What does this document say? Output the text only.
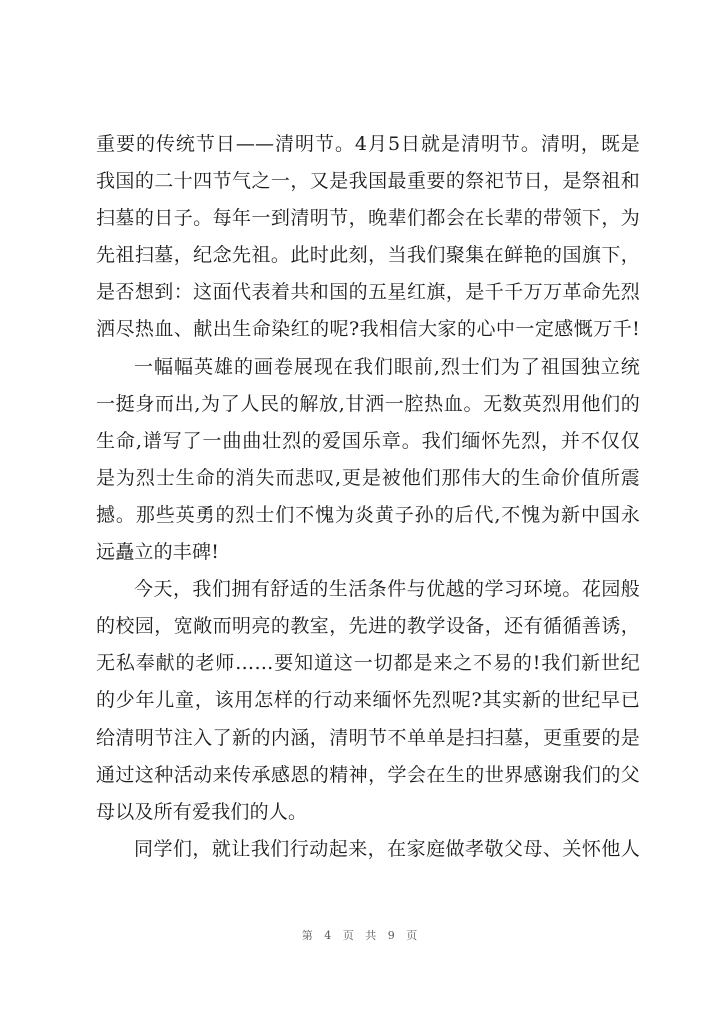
重要的传统节日——清明节。4月5日就是清明节。清明，既是
我国的二十四节气之一，又是我国最重要的祭祀节日，是祭祖和
扫墓的日子。每年一到清明节，晚辈们都会在长辈的带领下，为
先祖扫墓，纪念先祖。此时此刻，当我们聚集在鲜艳的国旗下，
是否想到：这面代表着共和国的五星红旗，是千千万万革命先烈
洒尽热血、献出生命染红的呢?我相信大家的心中一定感慨万千!
一幅幅英雄的画卷展现在我们眼前,烈士们为了祖国独立统
一挺身而出,为了人民的解放,甘洒一腔热血。无数英烈用他们的
生命,谱写了一曲曲壮烈的爱国乐章。我们缅怀先烈，并不仅仅
是为烈士生命的消失而悲叹,更是被他们那伟大的生命价值所震
撼。那些英勇的烈士们不愧为炎黄子孙的后代,不愧为新中国永
远矗立的丰碑!
今天，我们拥有舒适的生活条件与优越的学习环境。花园般
的校园，宽敞而明亮的教室，先进的教学设备，还有循循善诱，
无私奉献的老师……要知道这一切都是来之不易的!我们新世纪
的少年儿童，该用怎样的行动来缅怀先烈呢?其实新的世纪早已
给清明节注入了新的内涵，清明节不单单是扫扫墓，更重要的是
通过这种活动来传承感恩的精神，学会在生的世界感谢我们的父
母以及所有爱我们的人。
同学们，就让我们行动起来，在家庭做孝敬父母、关怀他人
第 4 页 共 9 页
